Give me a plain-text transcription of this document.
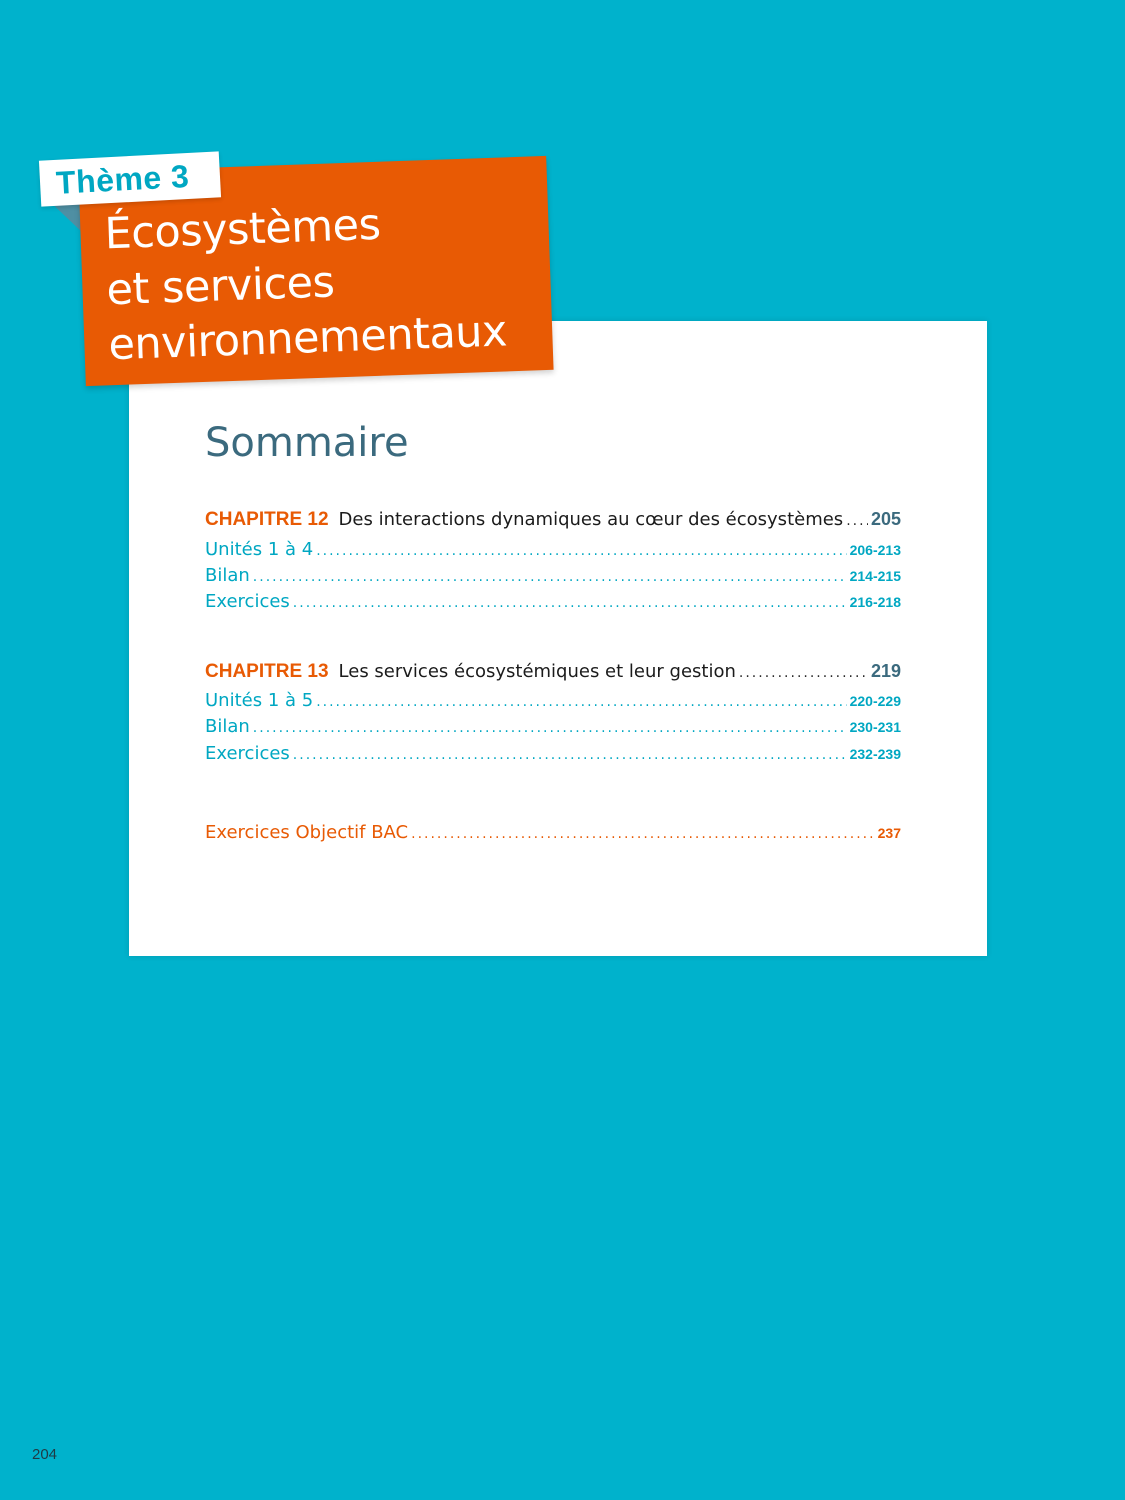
Thème 3
Écosystèmes
et services
environnementaux
Sommaire
CHAPITRE 12 Des interactions dynamiques au cœur des écosystèmes ..... 205
Unités 1 à 4 .....	206-213
Bilan .....	214-215
Exercices .....	216-218
CHAPITRE 13 Les services écosystémiques et leur gestion .....	219
Unités 1 à 5 .....	220-229
Bilan .....	230-231
Exercices .....	232-239
Exercices Objectif BAC .....	237
204
